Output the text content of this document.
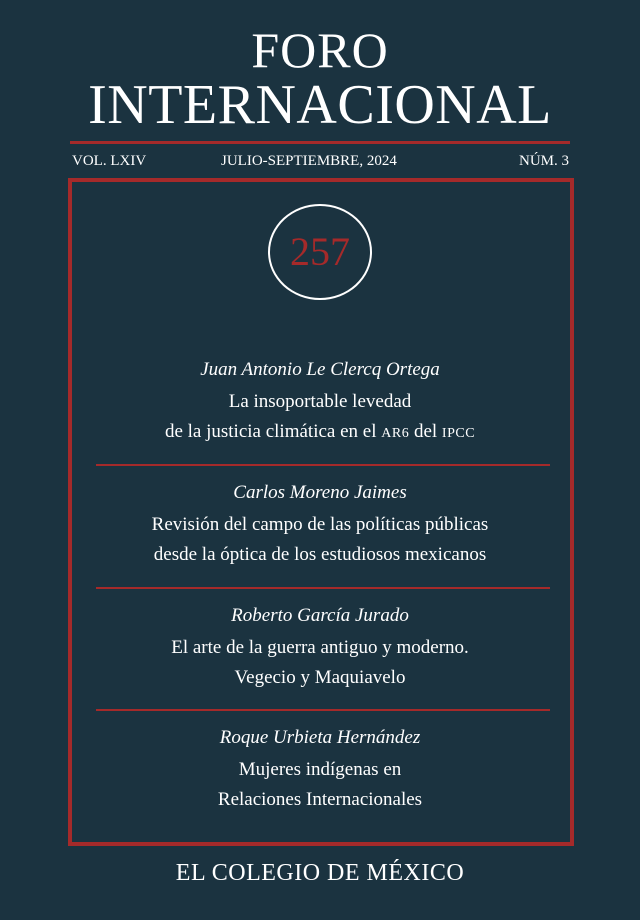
FORO
INTERNACIONAL
VOL. LXIV	JULIO-SEPTIEMBRE, 2024	NÚM. 3
257
Juan Antonio Le Clercq Ortega
La insoportable levedad
de la justicia climática en el AR6 del IPCC
Carlos Moreno Jaimes
Revisión del campo de las políticas públicas
desde la óptica de los estudiosos mexicanos
Roberto García Jurado
El arte de la guerra antiguo y moderno.
Vegecio y Maquiavelo
Roque Urbieta Hernández
Mujeres indígenas en
Relaciones Internacionales
EL COLEGIO DE MÉXICO
